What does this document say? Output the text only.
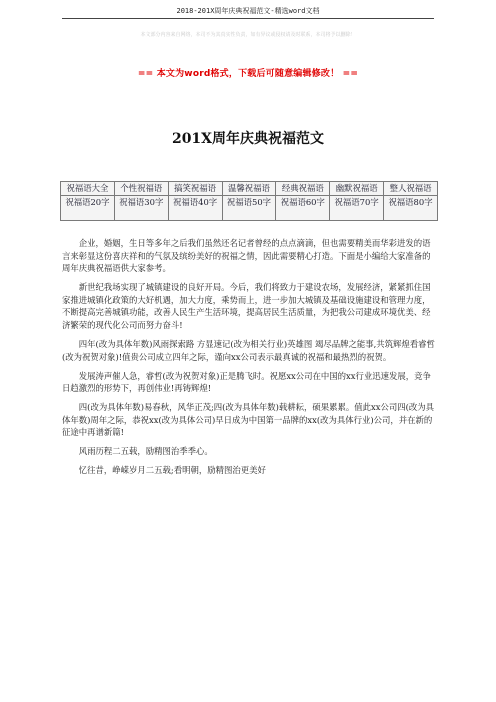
2018-201X周年庆典祝福范文-精选word文档
本文部分内容来自网络，本司不为其真实性负责，如有异议或侵权请及时联系，本司将予以删除！
== 本文为word格式，下载后可随意编辑修改！ ==
201X周年庆典祝福范文
祝福语大全	个性祝福语	搞笑祝福语	温馨祝福语	经典祝福语	幽默祝福语	整人祝福语
祝福语20字	祝福语30字	祝福语40字	祝福语50字	祝福语60字	祝福语70字	祝福语80字

企业，婚姻，生日等多年之后我们虽然还名记者曾经的点点滴滴，但也需要精美而华彩进发的语言来彰显这份喜庆祥和的气氛及缤纷美好的祝福之情，因此需要精心打造。下面是小编给大家准备的周年庆典祝福语供大家参考。

新世纪我场实现了城镇建设的良好开局。今后，我们将致力于建设农场，发展经济，紧紧抓住国家推进城镇化政策的大好机遇，加大力度，乘势而上，进一步加大城镇及基础设施建设和管理力度，不断提高完善城镇功能，改善人民生产生活环境，提高居民生活质量，为把我公司建成环境优美、经济繁荣的现代化公司而努力奋斗!

四年(改为具体年数)风雨探索路 方显速记(改为相关行业)英雄图 竭尽品牌之能事,共筑辉煌看睿哲(改为祝贺对象)!值贵公司成立四年之际，谨向xx公司表示最真诚的祝福和最热烈的祝贺。

发展涛声催人急，睿哲(改为祝贺对象)正是腾飞时。祝愿xx公司在中国的xx行业迅速发展，竞争日趋激烈的形势下，再创伟业!再铸辉煌!

四(改为具体年数)易春秋，风华正茂;四(改为具体年数)载耕耘，硕果累累。值此xx公司四(改为具体年数)周年之际，恭祝xx(改为具体公司)早日成为中国第一品牌的xx(改为具体行业)公司，并在新的征途中再谱新篇!

风雨历程二五载，励精图治季季心。

忆往昔，峥嵘岁月二五载;看明朝，励精图治更美好
